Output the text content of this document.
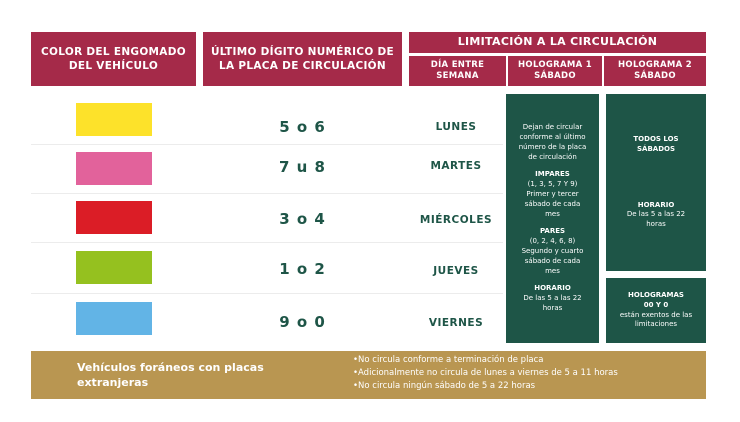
COLOR DEL ENGOMADO DEL VEHÍCULO
ÚLTIMO DÍGITO NUMÉRICO DE LA PLACA DE CIRCULACIÓN
LIMITACIÓN A LA CIRCULACIÓN
DÍA ENTRE SEMANA
HOLOGRAMA 1 SÁBADO
HOLOGRAMA 2 SÁBADO
5 o 6	LUNES
7 u 8	MARTES
3 o 4	MIÉRCOLES
1 o 2	JUEVES
9 o 0	VIERNES
Dejan de circular conforme al último número de la placa de circulación
IMPARES
(1, 3, 5, 7 Y 9)
Primer y tercer sábado de cada mes
PARES
(0, 2, 4, 6, 8)
Segundo y cuarto sábado de cada mes
HORARIO
De las 5 a las 22 horas
TODOS LOS SÁBADOS
HORARIO
De las 5 a las 22 horas
HOLOGRAMAS 00 Y 0
están exentos de las limitaciones
Vehículos foráneos con placas extranjeras
• No circula conforme a terminación de placa
• Adicionalmente no circula de lunes a viernes de 5 a 11 horas
• No circula ningún sábado de 5 a 22 horas
